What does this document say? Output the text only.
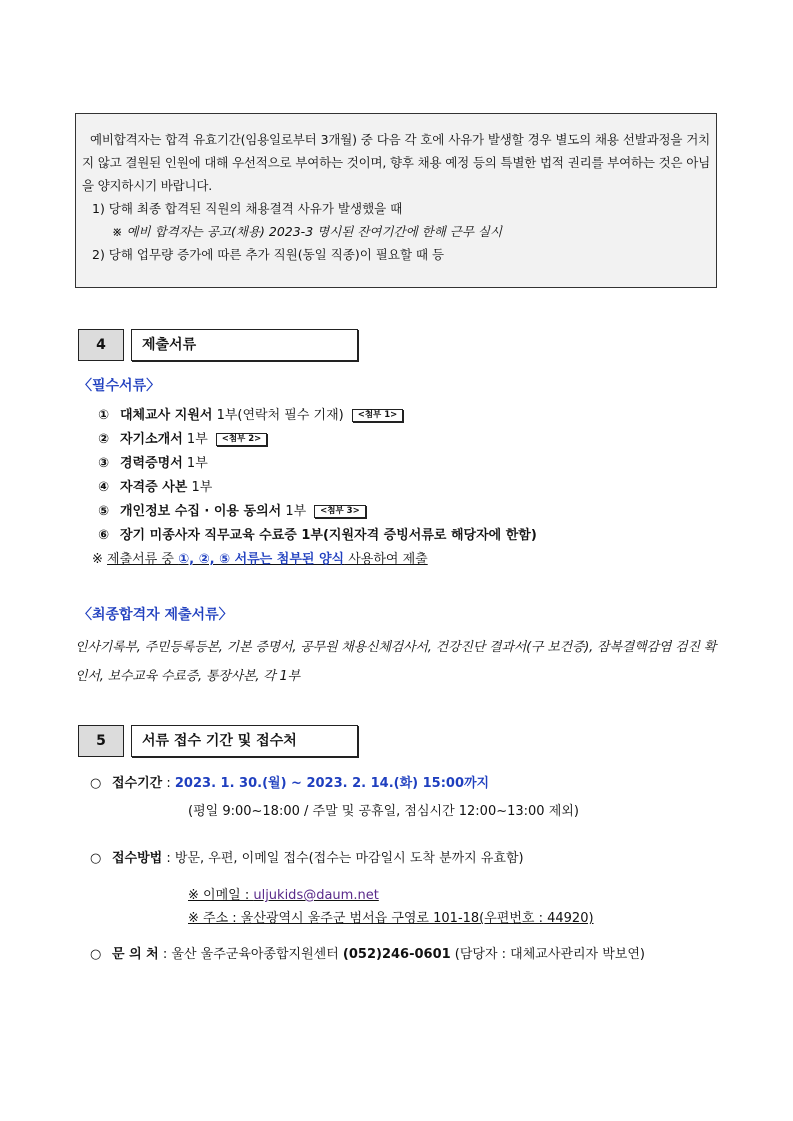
예비합격자는 합격 유효기간(임용일로부터 3개월) 중 다음 각 호에 사유가 발생할 경우 별도의 채용 선발과정을 거치지 않고 결원된 인원에 대해 우선적으로 부여하는 것이며, 향후 채용 예정 등의 특별한 법적 권리를 부여하는 것은 아님을 양지하시기 바랍니다.

1) 당해 최종 합격된 직원의 채용결격 사유가 발생했을 때

※ 예비 합격자는 공고(채용) 2023-3 명시된 잔여기간에 한해 근무 실시

2) 당해 업무량 증가에 따른 추가 직원(동일 직종)이 필요할 때 등

4	제출서류
〈필수서류〉
① 대체교사 지원서 1부(연락처 필수 기재) <첨부 1>
② 자기소개서 1부 <첨부 2>
③ 경력증명서 1부
④ 자격증 사본 1부
⑤ 개인정보 수집 · 이용 동의서 1부 <첨부 3>
⑥ 장기 미종사자 직무교육 수료증 1부(지원자격 증빙서류로 해당자에 한함)
※ 제출서류 중 ①, ②, ⑤ 서류는 첨부된 양식 사용하여 제출
〈최종합격자 제출서류〉
인사기록부, 주민등록등본, 기본 증명서, 공무원 채용신체검사서, 건강진단 결과서(구 보건증), 잠복결핵감염 검진 확인서, 보수교육 수료증, 통장사본, 각 1부
5	서류 접수 기간 및 접수처
○ 접수기간 : 2023. 1. 30.(월) ~ 2023. 2. 14.(화) 15:00까지
(평일 9:00~18:00 / 주말 및 공휴일, 점심시간 12:00~13:00 제외)
○ 접수방법 : 방문, 우편, 이메일 접수(접수는 마감일시 도착 분까지 유효함)
※ 이메일 : uljukids@daum.net
※ 주소 : 울산광역시 울주군 범서읍 구영로 101-18(우편번호 : 44920)
○ 문 의 처 : 울산 울주군육아종합지원센터 (052)246-0601 (담당자 : 대체교사관리자 박보연)
